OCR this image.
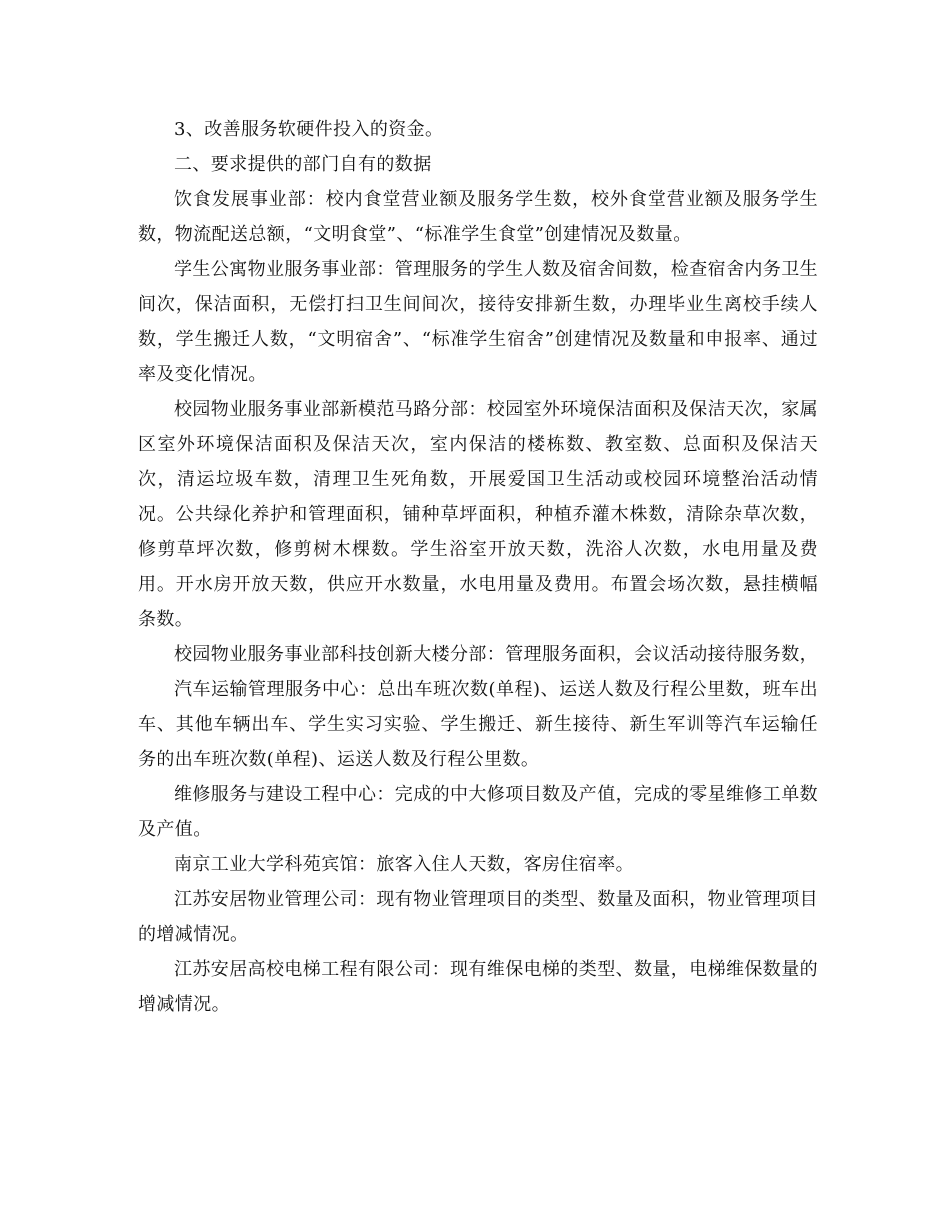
3、改善服务软硬件投入的资金。

二、要求提供的部门自有的数据

饮食发展事业部：校内食堂营业额及服务学生数，校外食堂营业额及服务学生数，物流配送总额，“文明食堂”、“标准学生食堂”创建情况及数量。

学生公寓物业服务事业部：管理服务的学生人数及宿舍间数，检查宿舍内务卫生间次，保洁面积，无偿打扫卫生间间次，接待安排新生数，办理毕业生离校手续人数，学生搬迁人数，“文明宿舍”、“标准学生宿舍”创建情况及数量和申报率、通过率及变化情况。

校园物业服务事业部新模范马路分部：校园室外环境保洁面积及保洁天次，家属区室外环境保洁面积及保洁天次，室内保洁的楼栋数、教室数、总面积及保洁天次，清运垃圾车数，清理卫生死角数，开展爱国卫生活动或校园环境整治活动情况。公共绿化养护和管理面积，铺种草坪面积，种植乔灌木株数，清除杂草次数，修剪草坪次数，修剪树木棵数。学生浴室开放天数，洗浴人次数，水电用量及费用。开水房开放天数，供应开水数量，水电用量及费用。布置会场次数，悬挂横幅条数。

校园物业服务事业部科技创新大楼分部：管理服务面积，会议活动接待服务数，

汽车运输管理服务中心：总出车班次数(单程)、运送人数及行程公里数，班车出车、其他车辆出车、学生实习实验、学生搬迁、新生接待、新生军训等汽车运输任务的出车班次数(单程)、运送人数及行程公里数。

维修服务与建设工程中心：完成的中大修项目数及产值，完成的零星维修工单数及产值。

南京工业大学科苑宾馆：旅客入住人天数，客房住宿率。

江苏安居物业管理公司：现有物业管理项目的类型、数量及面积，物业管理项目的增减情况。

江苏安居高校电梯工程有限公司：现有维保电梯的类型、数量，电梯维保数量的增减情况。
